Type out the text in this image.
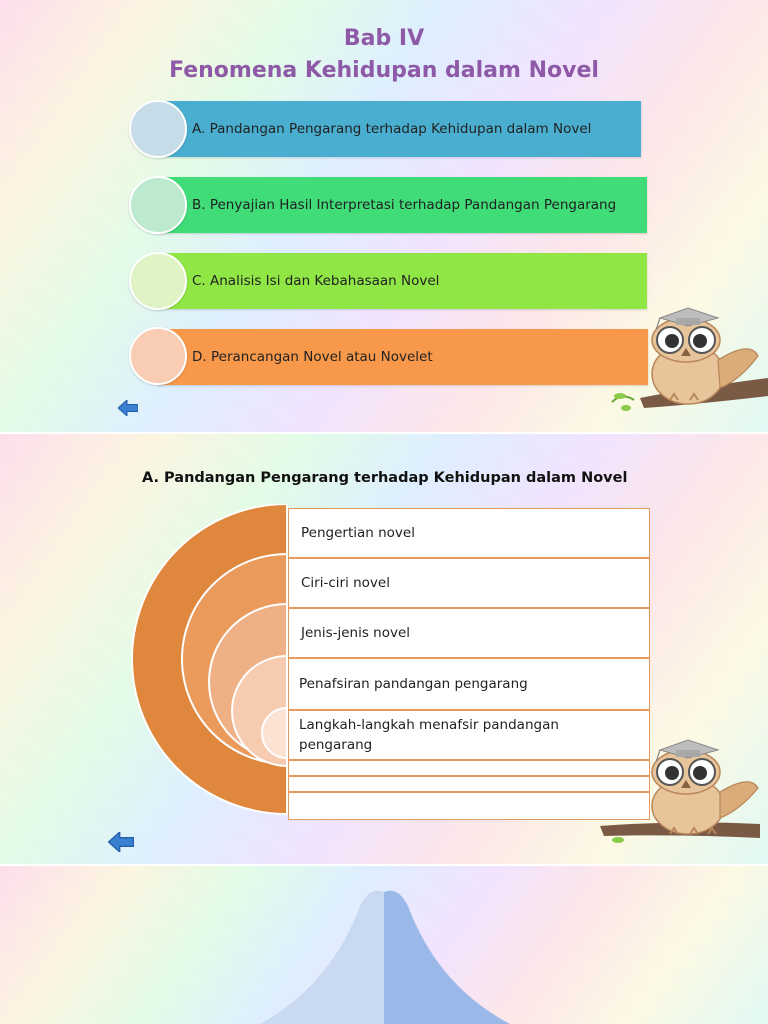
Bab IV
Fenomena Kehidupan dalam Novel
A. Pandangan Pengarang terhadap Kehidupan dalam Novel
B. Penyajian Hasil Interpretasi terhadap Pandangan Pengarang
C. Analisis Isi dan Kebahasaan Novel
D. Perancangan Novel atau Novelet
A. Pandangan Pengarang terhadap Kehidupan dalam Novel
Pengertian novel
Ciri-ciri novel
Jenis-jenis novel
Penafsiran pandangan pengarang
Langkah-langkah menafsir pandangan pengarang
